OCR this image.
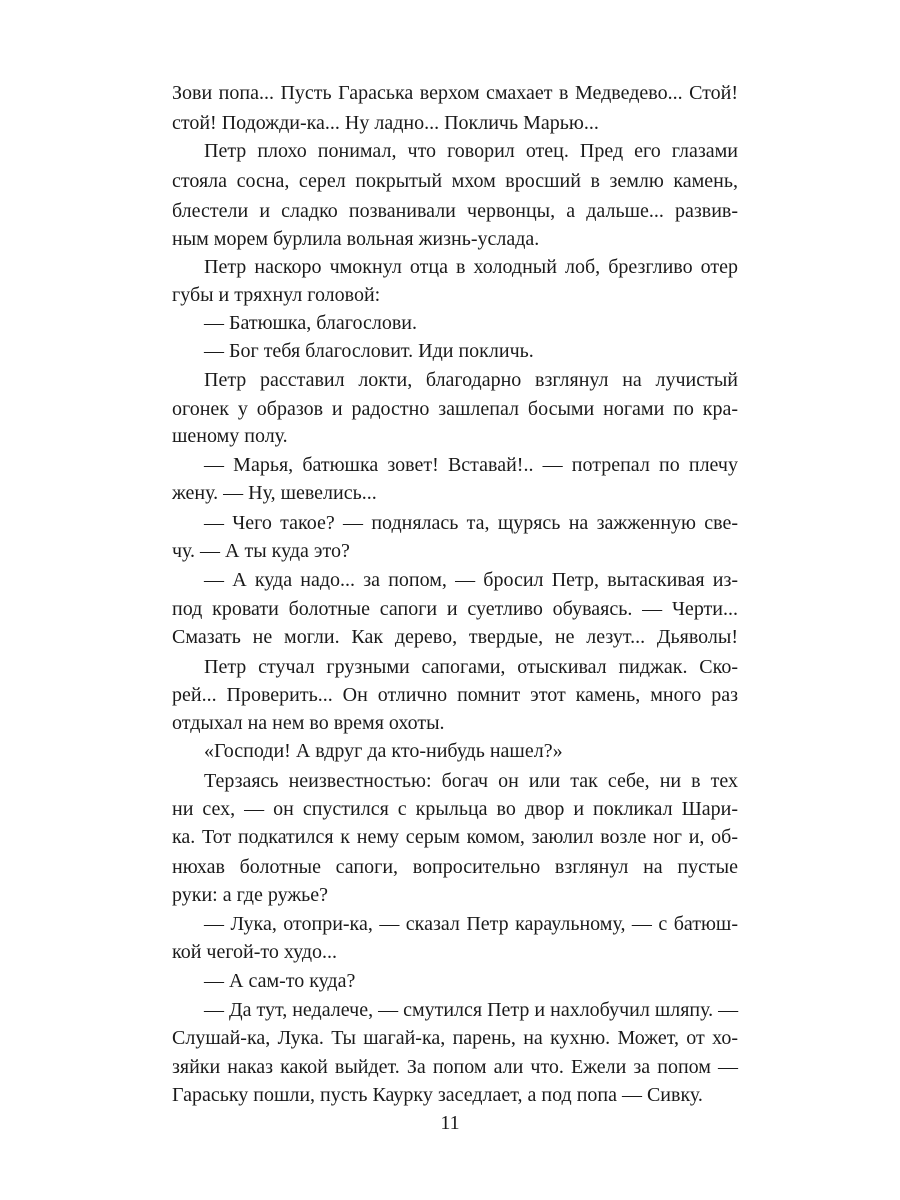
Зови попа... Пусть Гараська верхом смахает в Медведево... Стой!
стой! Подожди-ка... Ну ладно... Покличь Марью...
Петр плохо понимал, что говорил отец. Пред его глазами
стояла сосна, серел покрытый мхом вросший в землю камень,
блестели и сладко позванивали червонцы, а дальше... развив-
ным морем бурлила вольная жизнь-услада.
Петр наскоро чмокнул отца в холодный лоб, брезгливо отер
губы и тряхнул головой:
— Батюшка, благослови.
— Бог тебя благословит. Иди покличь.
Петр расставил локти, благодарно взглянул на лучистый
огонек у образов и радостно зашлепал босыми ногами по кра-
шеному полу.
— Марья, батюшка зовет! Вставай!.. — потрепал по плечу
жену. — Ну, шевелись...
— Чего такое? — поднялась та, щурясь на зажженную све-
чу. — А ты куда это?
— А куда надо... за попом, — бросил Петр, вытаскивая из-
под кровати болотные сапоги и суетливо обуваясь. — Черти...
Смазать не могли. Как дерево, твердые, не лезут... Дьяволы!
Петр стучал грузными сапогами, отыскивал пиджак. Ско-
рей... Проверить... Он отлично помнит этот камень, много раз
отдыхал на нем во время охоты.
«Господи! А вдруг да кто-нибудь нашел?»
Терзаясь неизвестностью: богач он или так себе, ни в тех
ни сех, — он спустился с крыльца во двор и покликал Шари-
ка. Тот подкатился к нему серым комом, заюлил возле ног и, об-
нюхав болотные сапоги, вопросительно взглянул на пустые
руки: а где ружье?
— Лука, отопри-ка, — сказал Петр караульному, — с батюш-
кой чегой-то худо...
— А сам-то куда?
— Да тут, недалече, — смутился Петр и нахлобучил шляпу. —
Слушай-ка, Лука. Ты шагай-ка, парень, на кухню. Может, от хо-
зяйки наказ какой выйдет. За попом али что. Ежели за попом —
Гараську пошли, пусть Каурку заседлает, а под попа — Сивку.
11
